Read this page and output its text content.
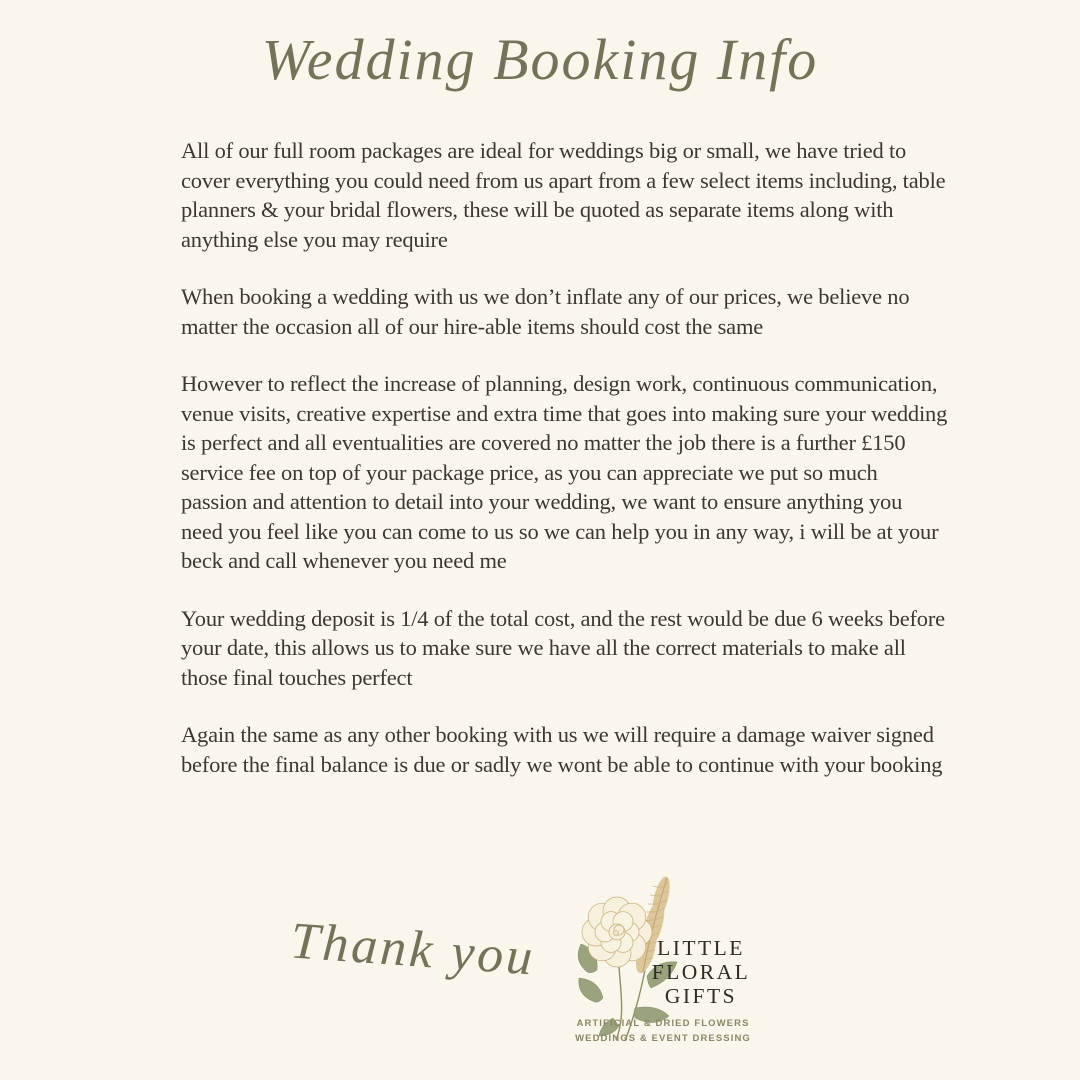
Wedding Booking Info

All of our full room packages are ideal for weddings big or small, we have tried to cover everything you could need from us apart from a few select items including, table planners & your bridal flowers, these will be quoted as separate items along with anything else you may require

When booking a wedding with us we don’t inflate any of our prices, we believe no matter the occasion all of our hire-able items should cost the same

However to reflect the increase of planning, design work, continuous communication, venue visits, creative expertise and extra time that goes into making sure your wedding is perfect and all eventualities are covered no matter the job there is a further £150 service fee on top of your package price, as you can appreciate we put so much passion and attention to detail into your wedding, we want to ensure anything you need you feel like you can come to us so we can help you in any way, i will be at your beck and call whenever you need me

Your wedding deposit is 1/4 of the total cost, and the rest would be due 6 weeks before your date, this allows us to make sure we have all the correct materials to make all those final touches perfect

Again the same as any other booking with us we will require a damage waiver signed before the final balance is due or sadly we wont be able to continue with your booking

Thank you	LITTLE
FLORAL
GIFTS
ARTIFICIAL & DRIED FLOWERS
WEDDINGS & EVENT DRESSING
